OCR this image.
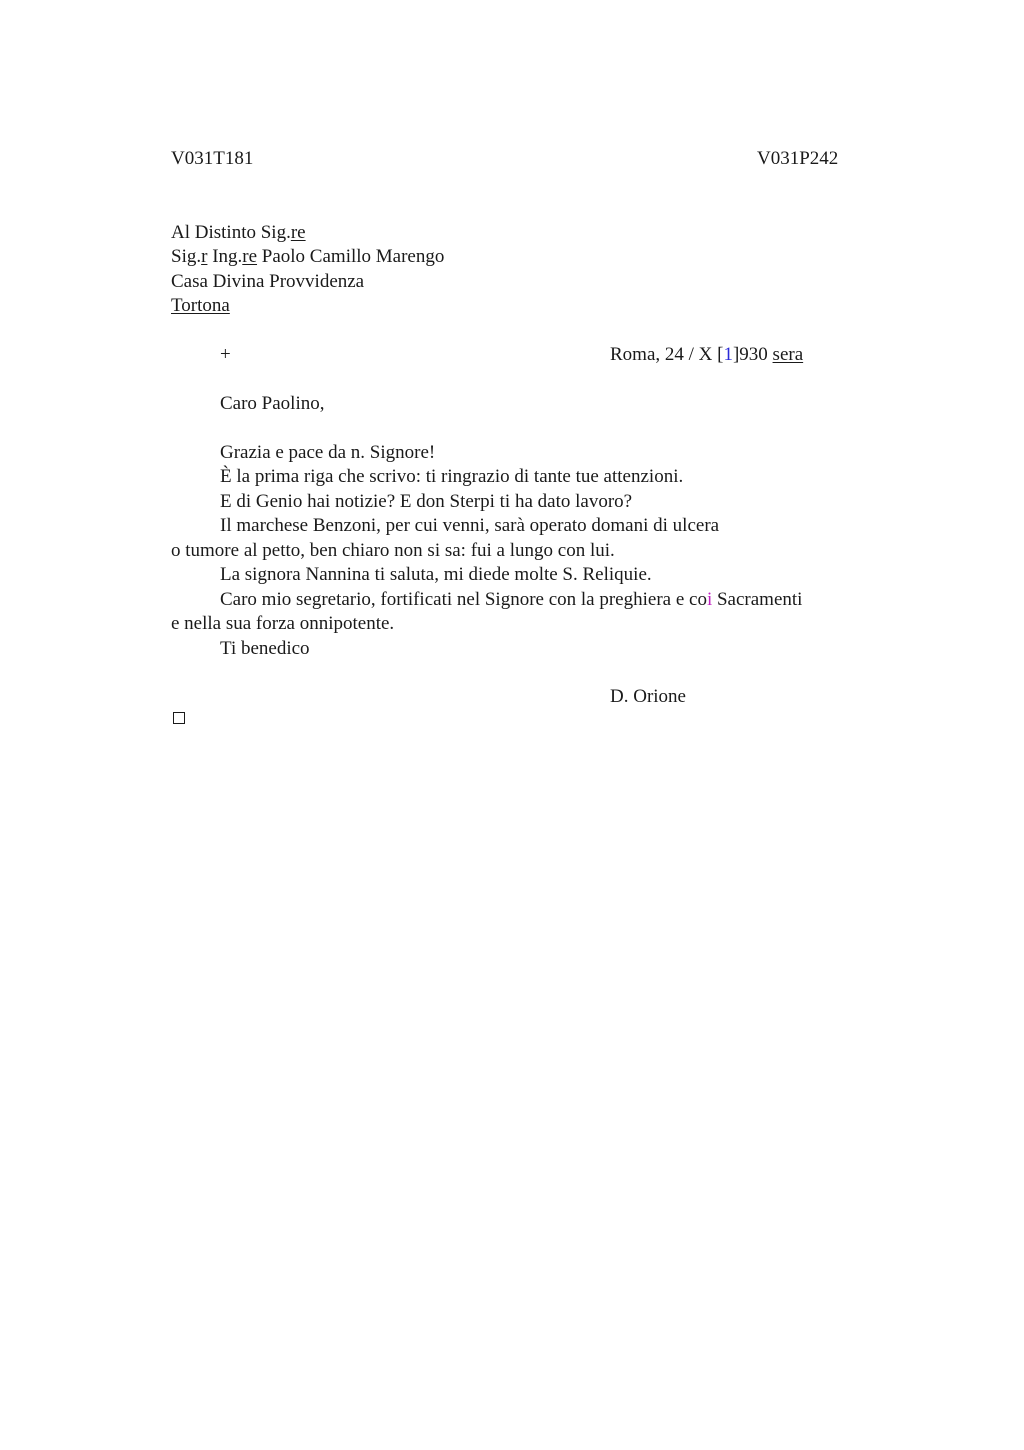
V031T181	V031P242
Al Distinto Sig.re
Sig.r Ing.re Paolo Camillo Marengo
Casa Divina Provvidenza
Tortona
+	Roma, 24 / X [1]930 sera
Caro Paolino,
Grazia e pace da n. Signore!
È la prima riga che scrivo: ti ringrazio di tante tue attenzioni.
E di Genio hai notizie? E don Sterpi ti ha dato lavoro?
Il marchese Benzoni, per cui venni, sarà operato domani di ulcera
o tumore al petto, ben chiaro non si sa: fui a lungo con lui.
La signora Nannina ti saluta, mi diede molte S. Reliquie.
Caro mio segretario, fortificati nel Signore con la preghiera e coi Sacramenti
e nella sua forza onnipotente.
Ti benedico
D. Orione
